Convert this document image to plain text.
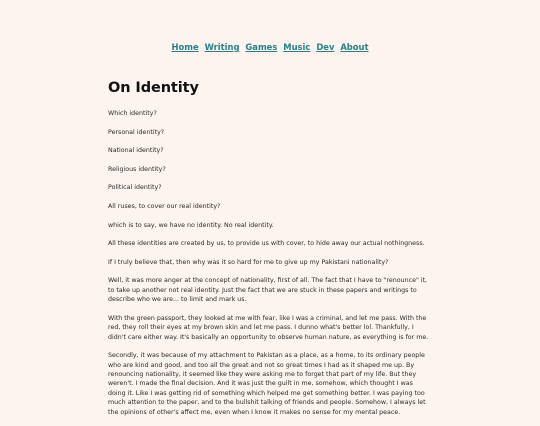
Home Writing Games Music Dev About
On Identity

Which identity?

Personal identity?

National identity?

Religious identity?

Political identity?

All ruses, to cover our real identity?

which is to say, we have no identity. No real identity.

All these identities are created by us, to provide us with cover, to hide away our actual nothingness.

If I truly believe that, then why was it so hard for me to give up my Pakistani nationality?

Well, it was more anger at the concept of nationality, first of all. The fact that I have to "renounce" it, to take up another not real identity. Just the fact that we are stuck in these papers and writings to describe who we are... to limit and mark us.

With the green passport, they looked at me with fear, like I was a criminal, and let me pass. With the red, they roll their eyes at my brown skin and let me pass. I dunno what's better lol. Thankfully, I didn't care either way. It's basically an opportunity to observe human nature, as everything is for me.

Secondly, it was because of my attachment to Pakistan as a place, as a home, to its ordinary people who are kind and good, and too all the great and not so great times I had as it shaped me up. By renouncing nationality, it seemed like they were asking me to forget that part of my life. But they weren't. I made the final decision. And it was just the guilt in me, somehow, which thought I was doing it. Like I was getting rid of something which helped me get something better. I was paying too much attention to the paper, and to the bullshit talking of friends and people. Somehow, I always let the opinions of other's affect me, even when I know it makes no sense for my mental peace.
